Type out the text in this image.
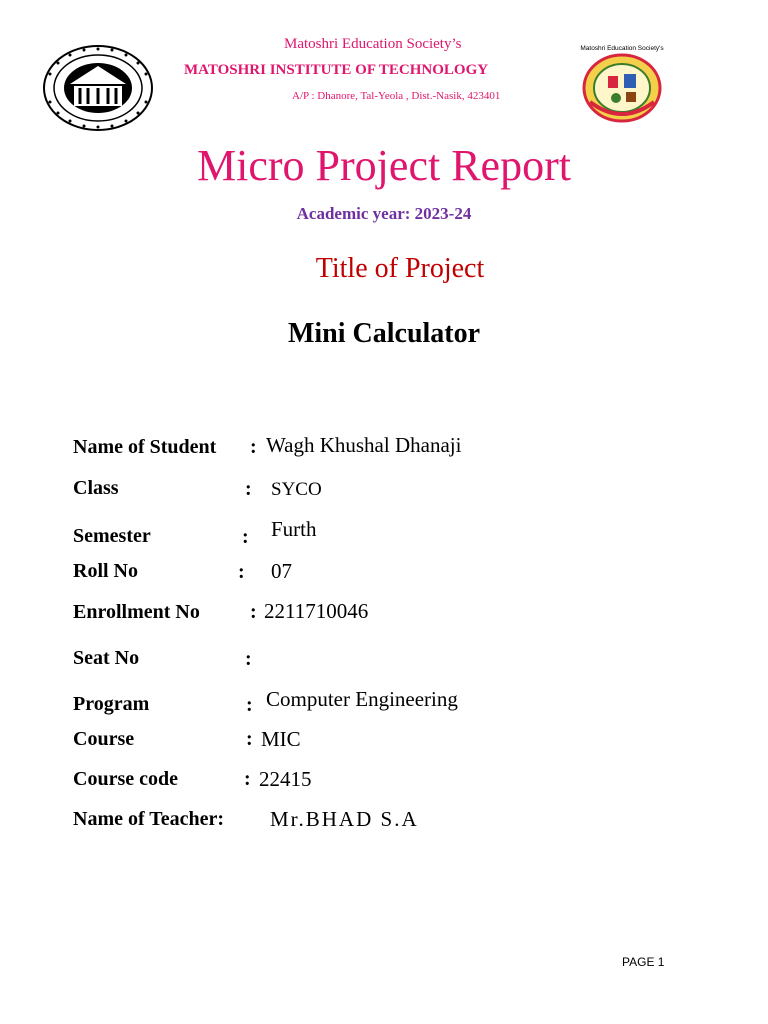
Matoshri Education Society’s
MATOSHRI INSTITUTE OF TECHNOLOGY
A/P : Dhanore, Tal-Yeola , Dist.-Nasik, 423401
Matoshri Education Society's
Micro Project Report
Academic year: 2023-24
Title of Project
Mini Calculator
Name of Student : Wagh Khushal Dhanaji
Class	: SYCO
Semester	: Furth
Roll No	: 07
Enrollment No	: 2211710046
Seat No	:
Program	: Computer Engineering
Course	: MIC
Course code	: 22415
Name of Teacher: Mr.BHAD S.A
PAGE 1
